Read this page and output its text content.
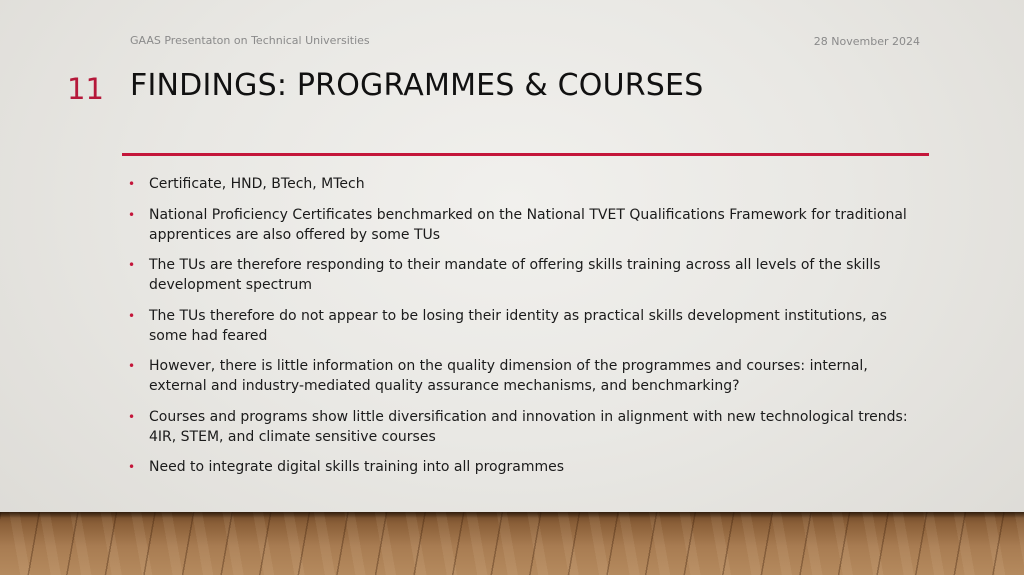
GAAS Presentaton on Technical Universities	28 November 2024
11 FINDINGS: PROGRAMMES & COURSES
• Certificate, HND, BTech, MTech
• National Proficiency Certificates benchmarked on the National TVET Qualifications Framework for traditional apprentices are also offered by some TUs
• The TUs are therefore responding to their mandate of offering skills training across all levels of the skills development spectrum
• The TUs therefore do not appear to be losing their identity as practical skills development institutions, as some had feared
• However, there is little information on the quality dimension of the programmes and courses: internal, external and industry-mediated quality assurance mechanisms, and benchmarking?
• Courses and programs show little diversification and innovation in alignment with new technological trends: 4IR, STEM, and climate sensitive courses
• Need to integrate digital skills training into all programmes
